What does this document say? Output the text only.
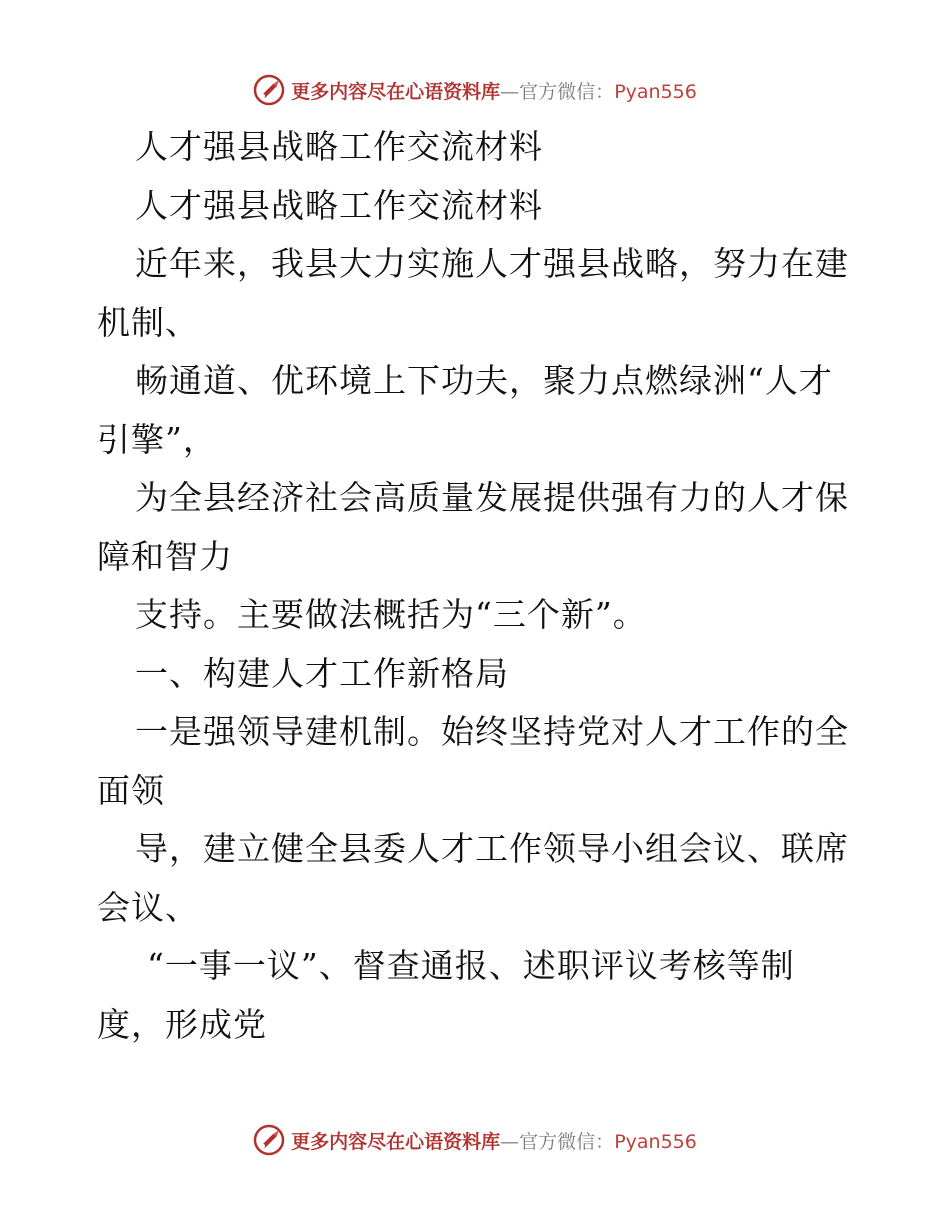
更多内容尽在心语资料库—官方微信：Pyan556
人才强县战略工作交流材料
人才强县战略工作交流材料
近年来，我县大力实施人才强县战略，努力在建
机制、
畅通道、优环境上下功夫，聚力点燃绿洲“人才
引擎”，
为全县经济社会高质量发展提供强有力的人才保
障和智力
支持。主要做法概括为“三个新”。
一、构建人才工作新格局
一是强领导建机制。始终坚持党对人才工作的全
面领
导，建立健全县委人才工作领导小组会议、联席
会议、
“一事一议”、督查通报、述职评议考核等制
度，形成党
更多内容尽在心语资料库—官方微信：Pyan556
